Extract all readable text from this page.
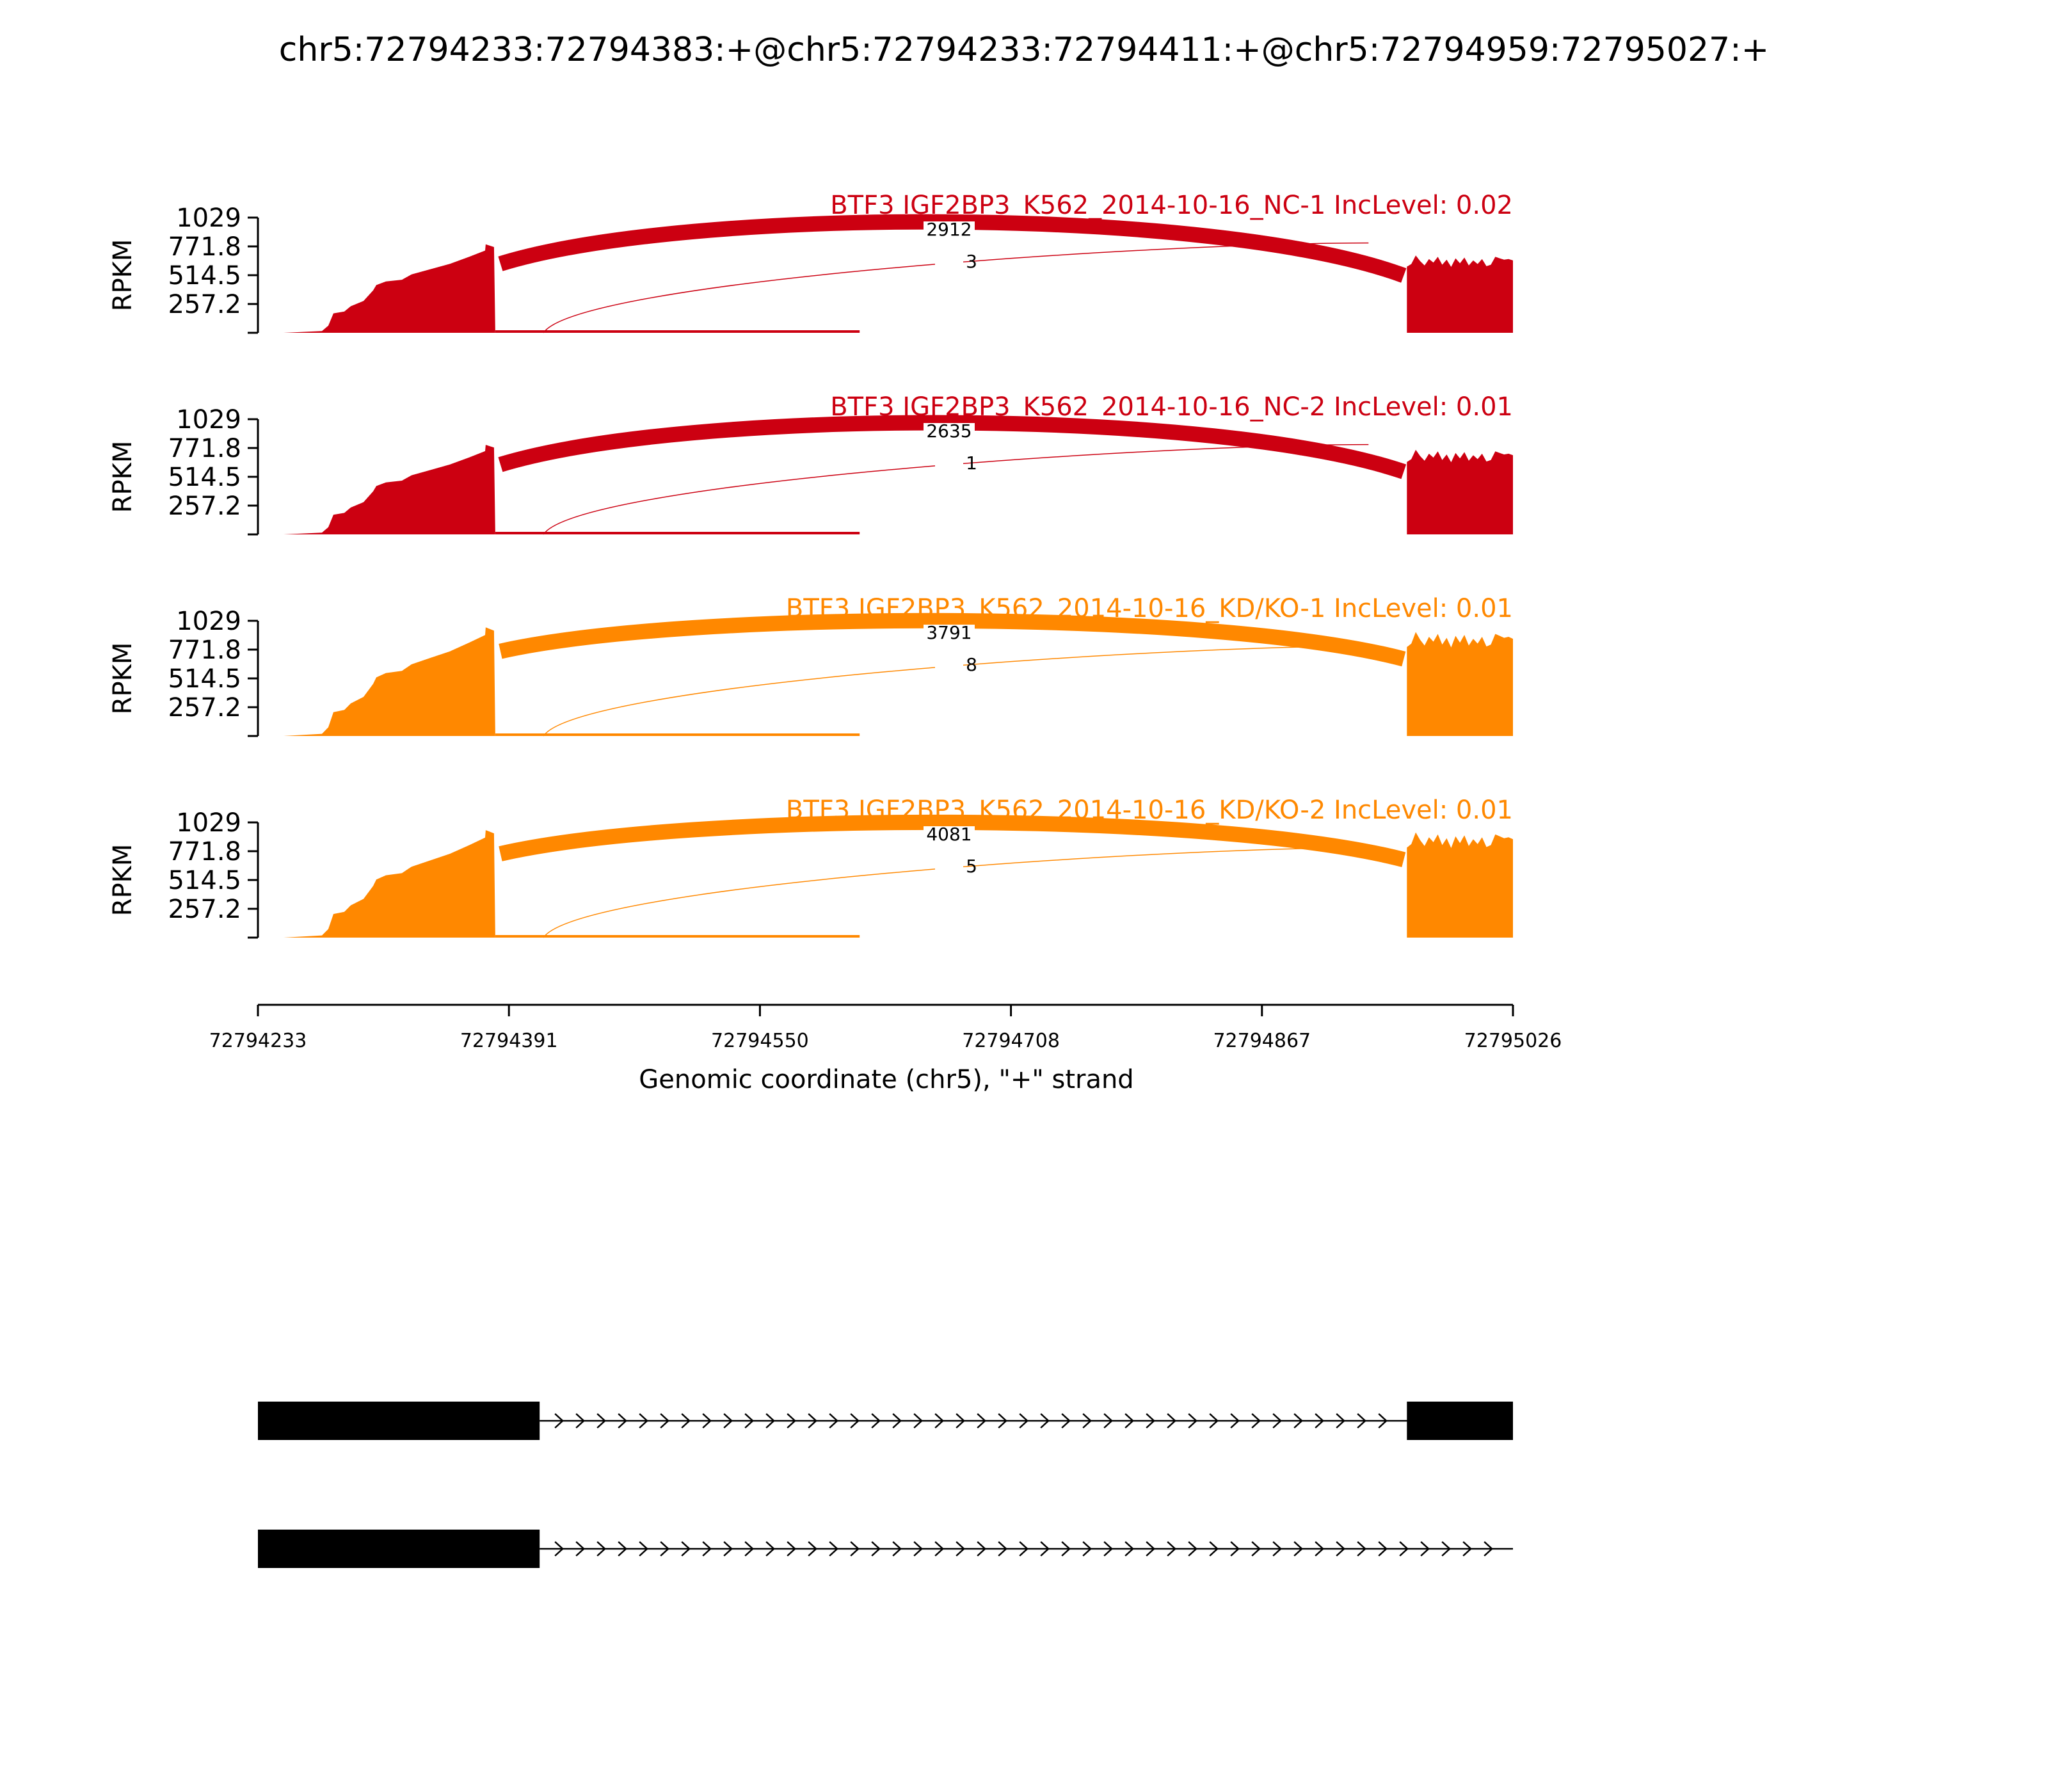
chr5:72794233:72794383:+@chr5:72794233:72794411:+@chr5:72794959:72795027:+
2912
3
BTF3 IGF2BP3_K562_2014-10-16_NC-1 IncLevel: 0.02
1029
771.8
514.5
257.2
RPKM
2635
1
BTF3 IGF2BP3_K562_2014-10-16_NC-2 IncLevel: 0.01
1029
771.8
514.5
257.2
RPKM
3791
8
BTF3 IGF2BP3_K562_2014-10-16_KD/KO-1 IncLevel: 0.01
1029
771.8
514.5
257.2
RPKM
4081
5
BTF3 IGF2BP3_K562_2014-10-16_KD/KO-2 IncLevel: 0.01
1029
771.8
514.5
257.2
RPKM
72794233	72794391	72794550	72794708	72794867	72795026
Genomic coordinate (chr5), "+" strand
